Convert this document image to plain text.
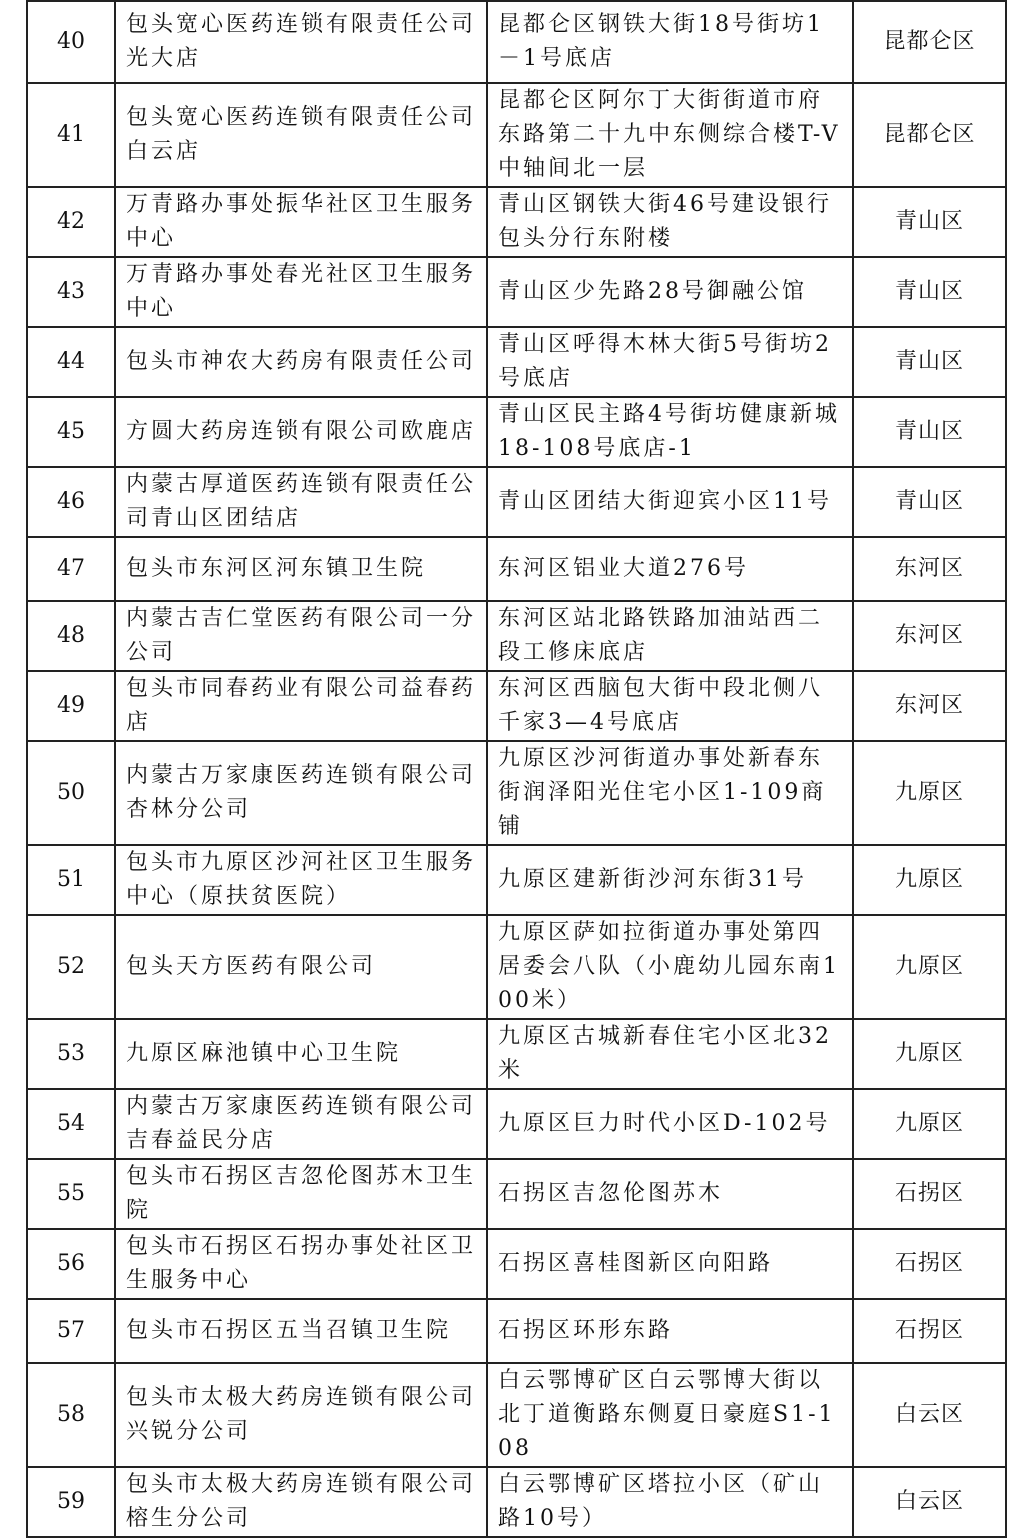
40	包头宽心医药连锁有限责任公司光大店	昆都仑区钢铁大街18号街坊1－1号底店	昆都仑区
41	包头宽心医药连锁有限责任公司白云店	昆都仑区阿尔丁大街街道市府东路第二十九中东侧综合楼T-V中轴间北一层	昆都仑区
42	万青路办事处振华社区卫生服务中心	青山区钢铁大街46号建设银行包头分行东附楼	青山区
43	万青路办事处春光社区卫生服务中心	青山区少先路28号御融公馆	青山区
44	包头市神农大药房有限责任公司	青山区呼得木林大街5号街坊2号底店	青山区
45	方圆大药房连锁有限公司欧鹿店	青山区民主路4号街坊健康新城18-108号底店-1	青山区
46	内蒙古厚道医药连锁有限责任公司青山区团结店	青山区团结大街迎宾小区11号	青山区
47	包头市东河区河东镇卫生院	东河区铝业大道276号	东河区
48	内蒙古吉仁堂医药有限公司一分公司	东河区站北路铁路加油站西二段工修床底店	东河区
49	包头市同春药业有限公司益春药店	东河区西脑包大街中段北侧八千家3—4号底店	东河区
50	内蒙古万家康医药连锁有限公司杏林分公司	九原区沙河街道办事处新春东街润泽阳光住宅小区1-109商铺	九原区
51	包头市九原区沙河社区卫生服务中心（原扶贫医院）	九原区建新街沙河东街31号	九原区
52	包头天方医药有限公司	九原区萨如拉街道办事处第四居委会八队（小鹿幼儿园东南100米）	九原区
53	九原区麻池镇中心卫生院	九原区古城新春住宅小区北32米	九原区
54	内蒙古万家康医药连锁有限公司吉春益民分店	九原区巨力时代小区D-102号	九原区
55	包头市石拐区吉忽伦图苏木卫生院	石拐区吉忽伦图苏木	石拐区
56	包头市石拐区石拐办事处社区卫生服务中心	石拐区喜桂图新区向阳路	石拐区
57	包头市石拐区五当召镇卫生院	石拐区环形东路	石拐区
58	包头市太极大药房连锁有限公司兴锐分公司	白云鄂博矿区白云鄂博大街以北丁道衡路东侧夏日豪庭S1-108	白云区
59	包头市太极大药房连锁有限公司榕生分公司	白云鄂博矿区塔拉小区（矿山路10号）	白云区
